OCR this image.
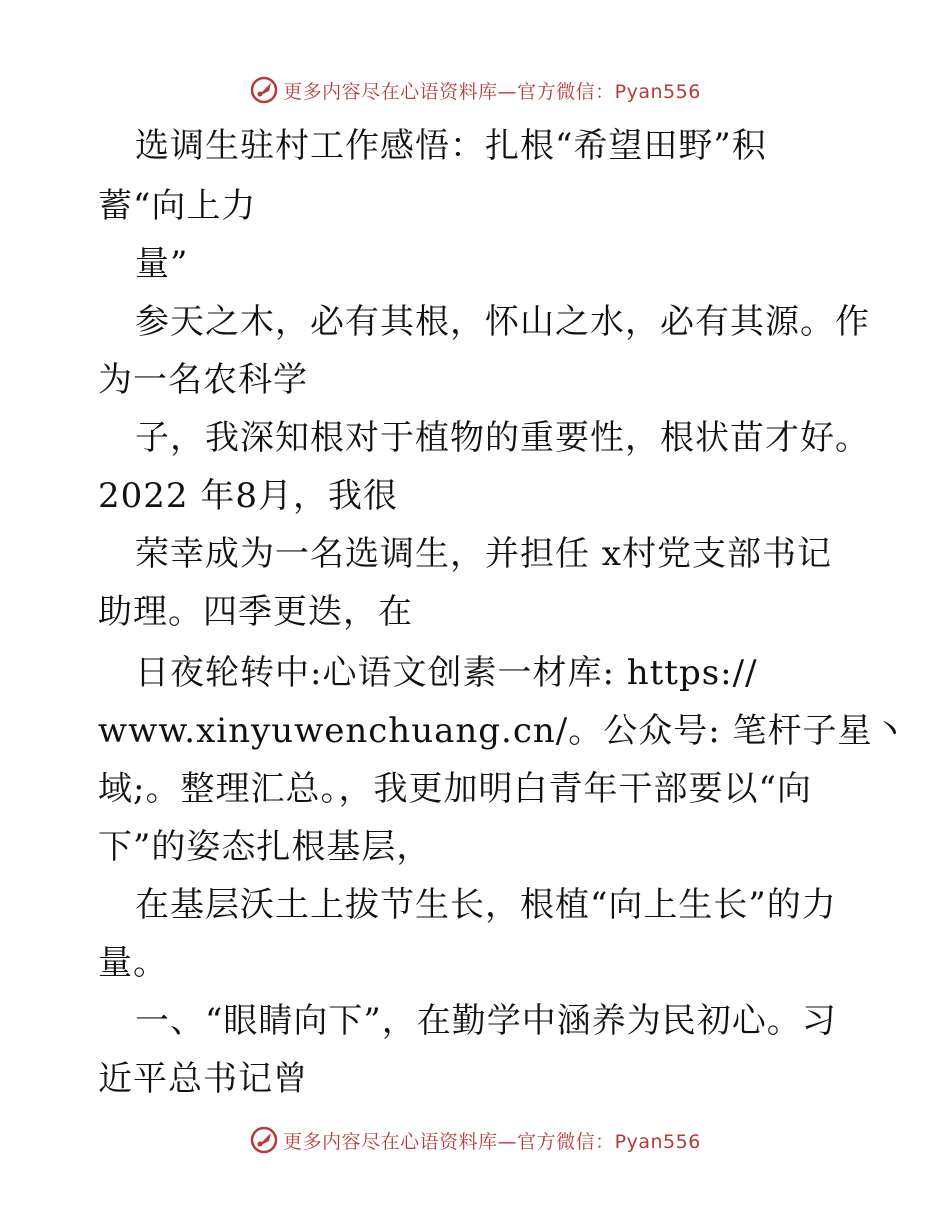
更多内容尽在心语资料库—官方微信：Pyan556
选调生驻村工作感悟：扎根“希望田野”积
蓄“向上力
量”
参天之木，必有其根，怀山之水，必有其源。作
为一名农科学
子，我深知根对于植物的重要性，根状苗才好。
2022 年8月，我很
荣幸成为一名选调生，并担任 x村党支部书记
助理。四季更迭，在
日夜轮转中:心语文创素一材库: https://
www.xinyuwenchuang.cn/。公众号: 笔杆子星丶
域;。整理汇总。，我更加明白青年干部要以“向
下”的姿态扎根基层，
在基层沃土上拔节生长，根植“向上生长”的力
量。
一、“眼睛向下”，在勤学中涵养为民初心。习
近平总书记曾
更多内容尽在心语资料库—官方微信：Pyan556
